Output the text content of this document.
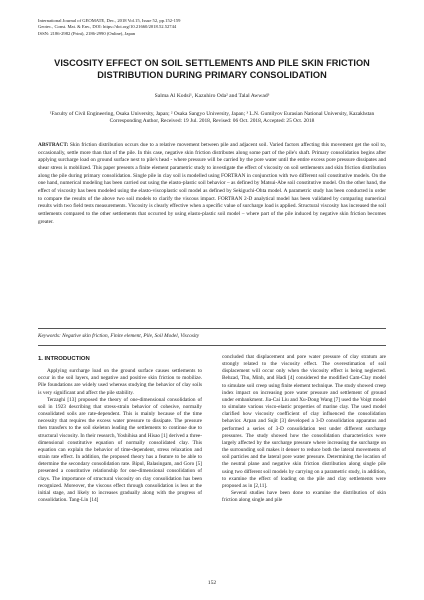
International Journal of GEOMATE, Dec., 2018 Vol.15, Issue 52, pp.152-159
Geotec., Const. Mat. & Env., DOI: https://doi.org/10.21660/2018.52.52744
ISSN: 2186-2982 (Print), 2186-2990 (Online), Japan
VISCOSITY EFFECT ON SOIL SETTLEMENTS AND PILE SKIN FRICTION DISTRIBUTION DURING PRIMARY CONSOLIDATION
Salma Al Kodsi¹, Kazuhiro Oda² and Talal Awwad³
¹Faculty of Civil Engineering, Osaka University, Japan; ² Osaka Sangyo University, Japan; ³ L.N. Gumilyov Eurasian National University, Kazakhstan
Corresponding Author, Received: 19 Jul. 2018, Revised: 06 Oct. 2018, Accepted: 25 Oct. 2018

ABSTRACT: Skin friction distribution occurs due to a relative movement between pile and adjacent soil. Varied factors affecting this movement get the soil to, occasionally, settle more than that of the pile. In this case, negative skin friction distributes along some part of the pile's shaft. Primary consolidation begins after applying surcharge load on ground surface next to pile's head - where pressure will be carried by the pore water until the entire excess pore pressure dissipates and shear stress is mobilized. This paper presents a finite element parametric study to investigate the effect of viscosity on soil settlements and skin friction distribution along the pile during primary consolidation. Single pile in clay soil is modelled using FORTRAN in conjunction with two different soil constitutive models. On the one hand, numerical modeling has been carried out using the elasto-plastic soil behavior – as defined by Matsui-Abe soil constitutive model. On the other hand, the effect of viscosity has been modeled using the elasto-viscoplastic soil model as defined by Sekiguchi-Ohta model. A parametric study has been conducted in order to compare the results of the above two soil models to clarify the viscous impact. FORTRAN 2-D analytical model has been validated by comparing numerical results with two field tests measurements. Viscosity is clearly effective when a specific value of surcharge load is applied. Structural viscosity has increased the soil settlements compared to the other settlements that occurred by using elasto-plastic soil model – where part of the pile induced by negative skin friction becomes greater.

Keywords: Negative skin friction, Finite element, Pile, Soil Model, Viscosity

1. INTRODUCTION

Applying surcharge load on the ground surface causes settlements to occur in the soil layers, and negative and positive skin friction to mobilize. Pile foundations are widely used whereas studying the behavior of clay soils is very significant and affect the pile stability.

Terzaghi [13] proposed the theory of one-dimensional consolidation of soil in 1923 describing that stress-strain behavior of cohesive, normally consolidated soils are rate-dependent. This is mainly because of the time necessity that requires the excess water pressure to dissipate. The pressure then transfers to the soil skeleton leading the settlements to continue due to structural viscosity. In their research, Yoshihisa and Hisao [1] derived a three-dimensional constitutive equation of normally consolidated clay. This equation can explain the behavior of time-dependent, stress relaxation and strain rate effect. In addition, the proposed theory has a feature to be able to determine the secondary consolidation rate. Bipul, Balasingam, and Goro [5] presented a constitutive relationship for one-dimensional consolidation of clays. The importance of structural viscosity on clay consolidation has been recognized. Moreover, the viscous effect through consolidation is less at the initial stage, and likely to increases gradually along with the progress of consolidation. Tang-Lin [14]

concluded that displacement and pore water pressure of clay stratum are strongly related to the viscosity effect. The overestimation of soil displacement will occur only when the viscosity effect is being neglected. Behzad, Thu, Minh, and Hadi [4] considered the modified Cam-Clay model to simulate soil creep using finite element technique. The study showed creep index impact on increasing pore water pressure and settlement of ground under embankment. Jia-Cai Liu and Xu-Dong Wang [7] used the Voigt model to simulate various visco-elastic properties of marine clay. The used model clarified how viscosity coefficient of clay influenced the consolidation behavior. Arpan and Sujit [3] developed a 3-D consolidation apparatus and performed a series of 3-D consolidation test under different surcharge pressures. The study showed how the consolidation characteristics were largely affected by the surcharge pressure where increasing the surcharge on the surrounding soil makes it denser to reduce both the lateral movements of soil particles and the lateral pore water pressure. Determining the location of the neutral plane and negative skin friction distribution along single pile using two different soil models by carrying on a parametric study, in addition, to examine the effect of loading on the pile and clay settlements were proposed as in [2,11].

Several studies have been done to examine the distribution of skin friction along single and pile

152
